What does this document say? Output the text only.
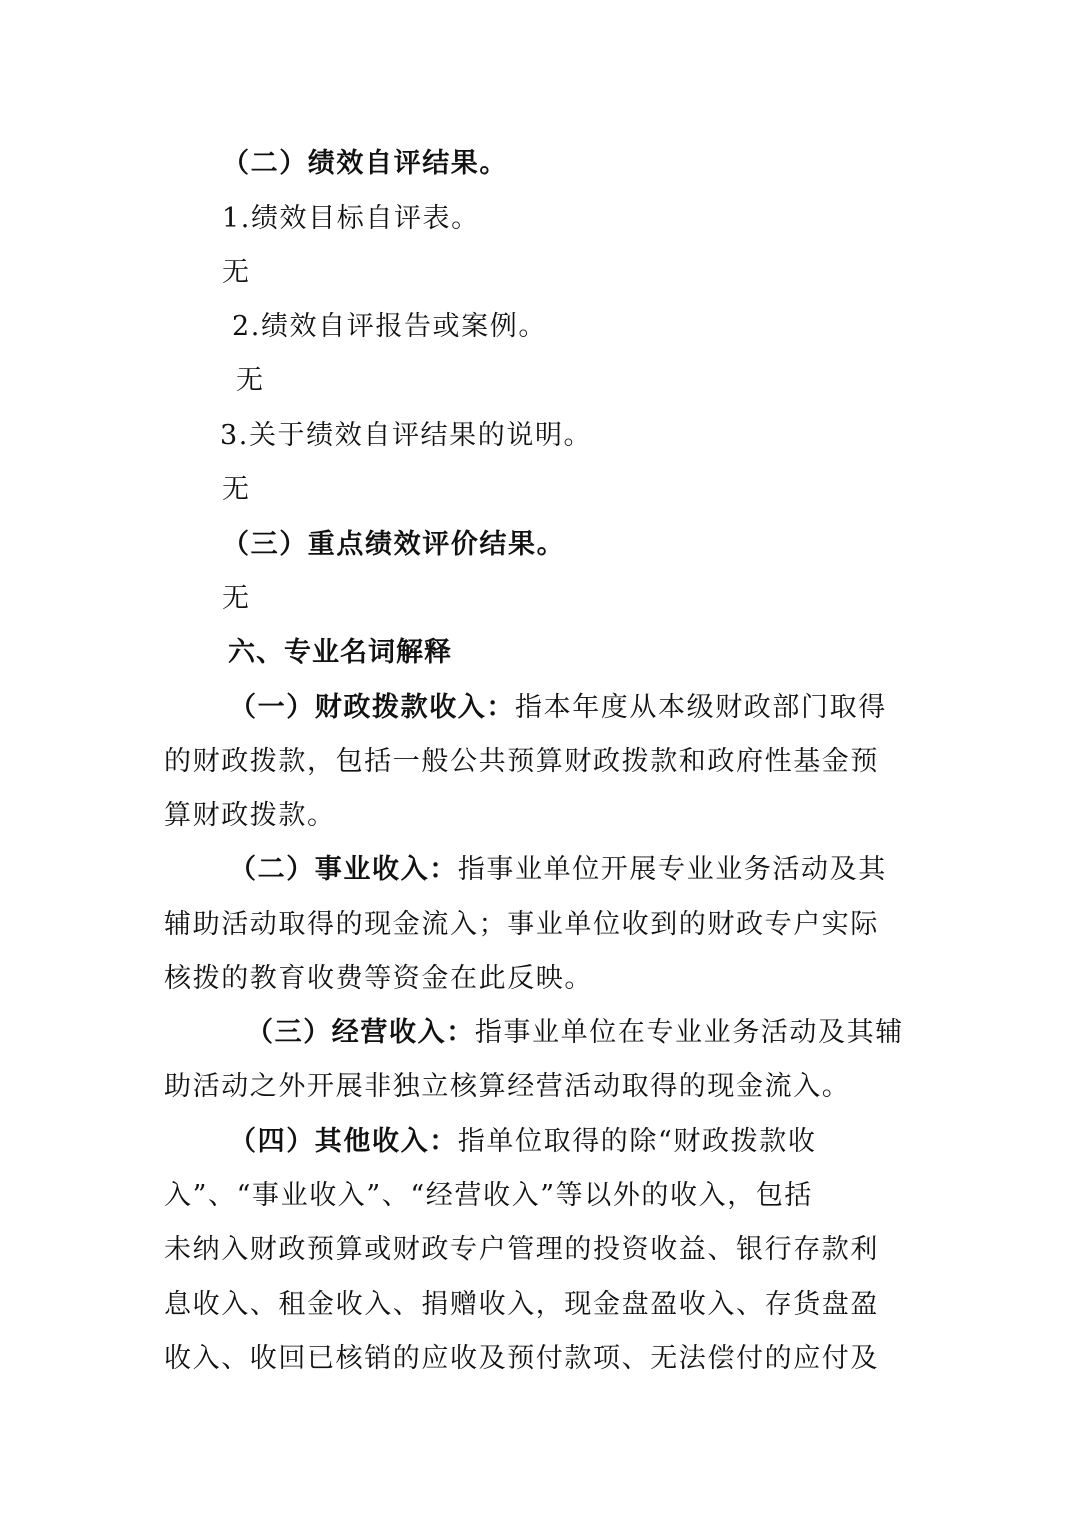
（二）绩效自评结果。
1.绩效目标自评表。
无
2.绩效自评报告或案例。
无
3.关于绩效自评结果的说明。
无
（三）重点绩效评价结果。
无
六、专业名词解释
（一）财政拨款收入：指本年度从本级财政部门取得
的财政拨款，包括一般公共预算财政拨款和政府性基金预
算财政拨款。
（二）事业收入：指事业单位开展专业业务活动及其
辅助活动取得的现金流入；事业单位收到的财政专户实际
核拨的教育收费等资金在此反映。
（三）经营收入：指事业单位在专业业务活动及其辅
助活动之外开展非独立核算经营活动取得的现金流入。
（四）其他收入：指单位取得的除“财政拨款收
入”、“事业收入”、“经营收入”等以外的收入，包括
未纳入财政预算或财政专户管理的投资收益、银行存款利
息收入、租金收入、捐赠收入，现金盘盈收入、存货盘盈
收入、收回已核销的应收及预付款项、无法偿付的应付及
